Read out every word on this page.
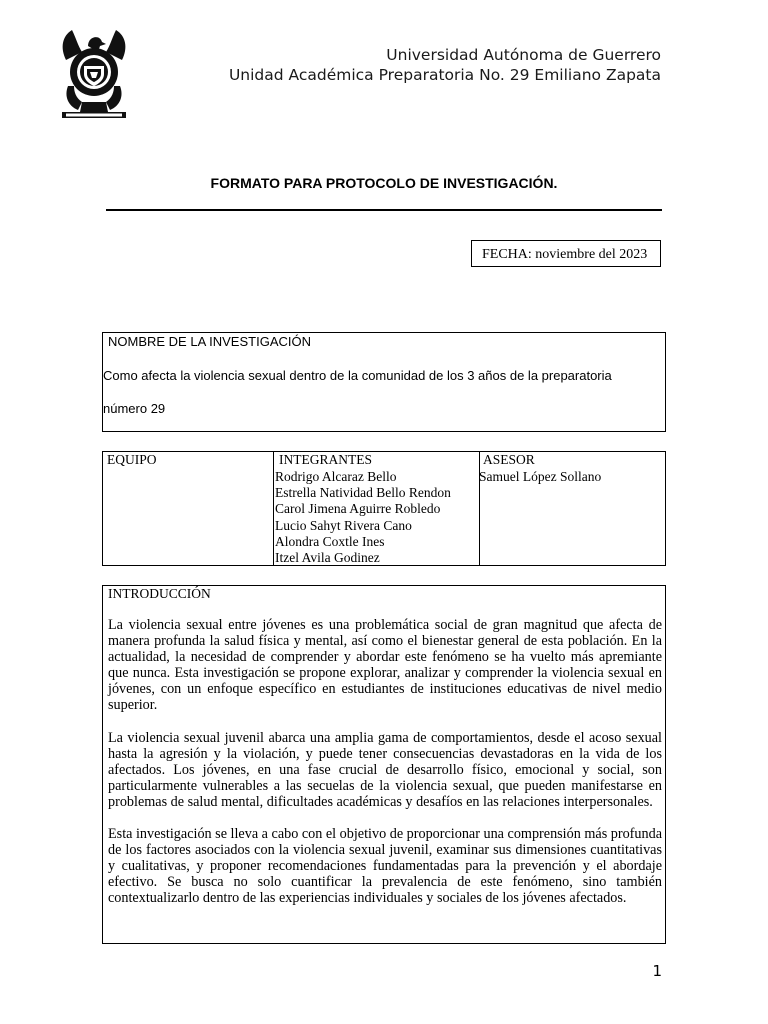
Universidad Autónoma de Guerrero
Unidad Académica Preparatoria No. 29 Emiliano Zapata
FORMATO PARA PROTOCOLO DE INVESTIGACIÓN.
FECHA: noviembre del 2023
NOMBRE DE LA INVESTIGACIÓN
Como afecta la violencia sexual dentro de la comunidad de los 3 años de la preparatoria
número 29
EQUIPO	INTEGRANTES
Rodrigo Alcaraz Bello
Estrella Natividad Bello Rendon
Carol Jimena Aguirre Robledo
Lucio Sahyt Rivera Cano
Alondra Coxtle Ines
Itzel Avila Godinez
ASESOR
Samuel López Sollano
INTRODUCCIÓN

La violencia sexual entre jóvenes es una problemática social de gran magnitud que afecta de manera profunda la salud física y mental, así como el bienestar general de esta población. En la actualidad, la necesidad de comprender y abordar este fenómeno se ha vuelto más apremiante que nunca. Esta investigación se propone explorar, analizar y comprender la violencia sexual en jóvenes, con un enfoque específico en estudiantes de instituciones educativas de nivel medio superior.

La violencia sexual juvenil abarca una amplia gama de comportamientos, desde el acoso sexual hasta la agresión y la violación, y puede tener consecuencias devastadoras en la vida de los afectados. Los jóvenes, en una fase crucial de desarrollo físico, emocional y social, son particularmente vulnerables a las secuelas de la violencia sexual, que pueden manifestarse en problemas de salud mental, dificultades académicas y desafíos en las relaciones interpersonales.

Esta investigación se lleva a cabo con el objetivo de proporcionar una comprensión más profunda de los factores asociados con la violencia sexual juvenil, examinar sus dimensiones cuantitativas y cualitativas, y proponer recomendaciones fundamentadas para la prevención y el abordaje efectivo. Se busca no solo cuantificar la prevalencia de este fenómeno, sino también contextualizarlo dentro de las experiencias individuales y sociales de los jóvenes afectados.

1
